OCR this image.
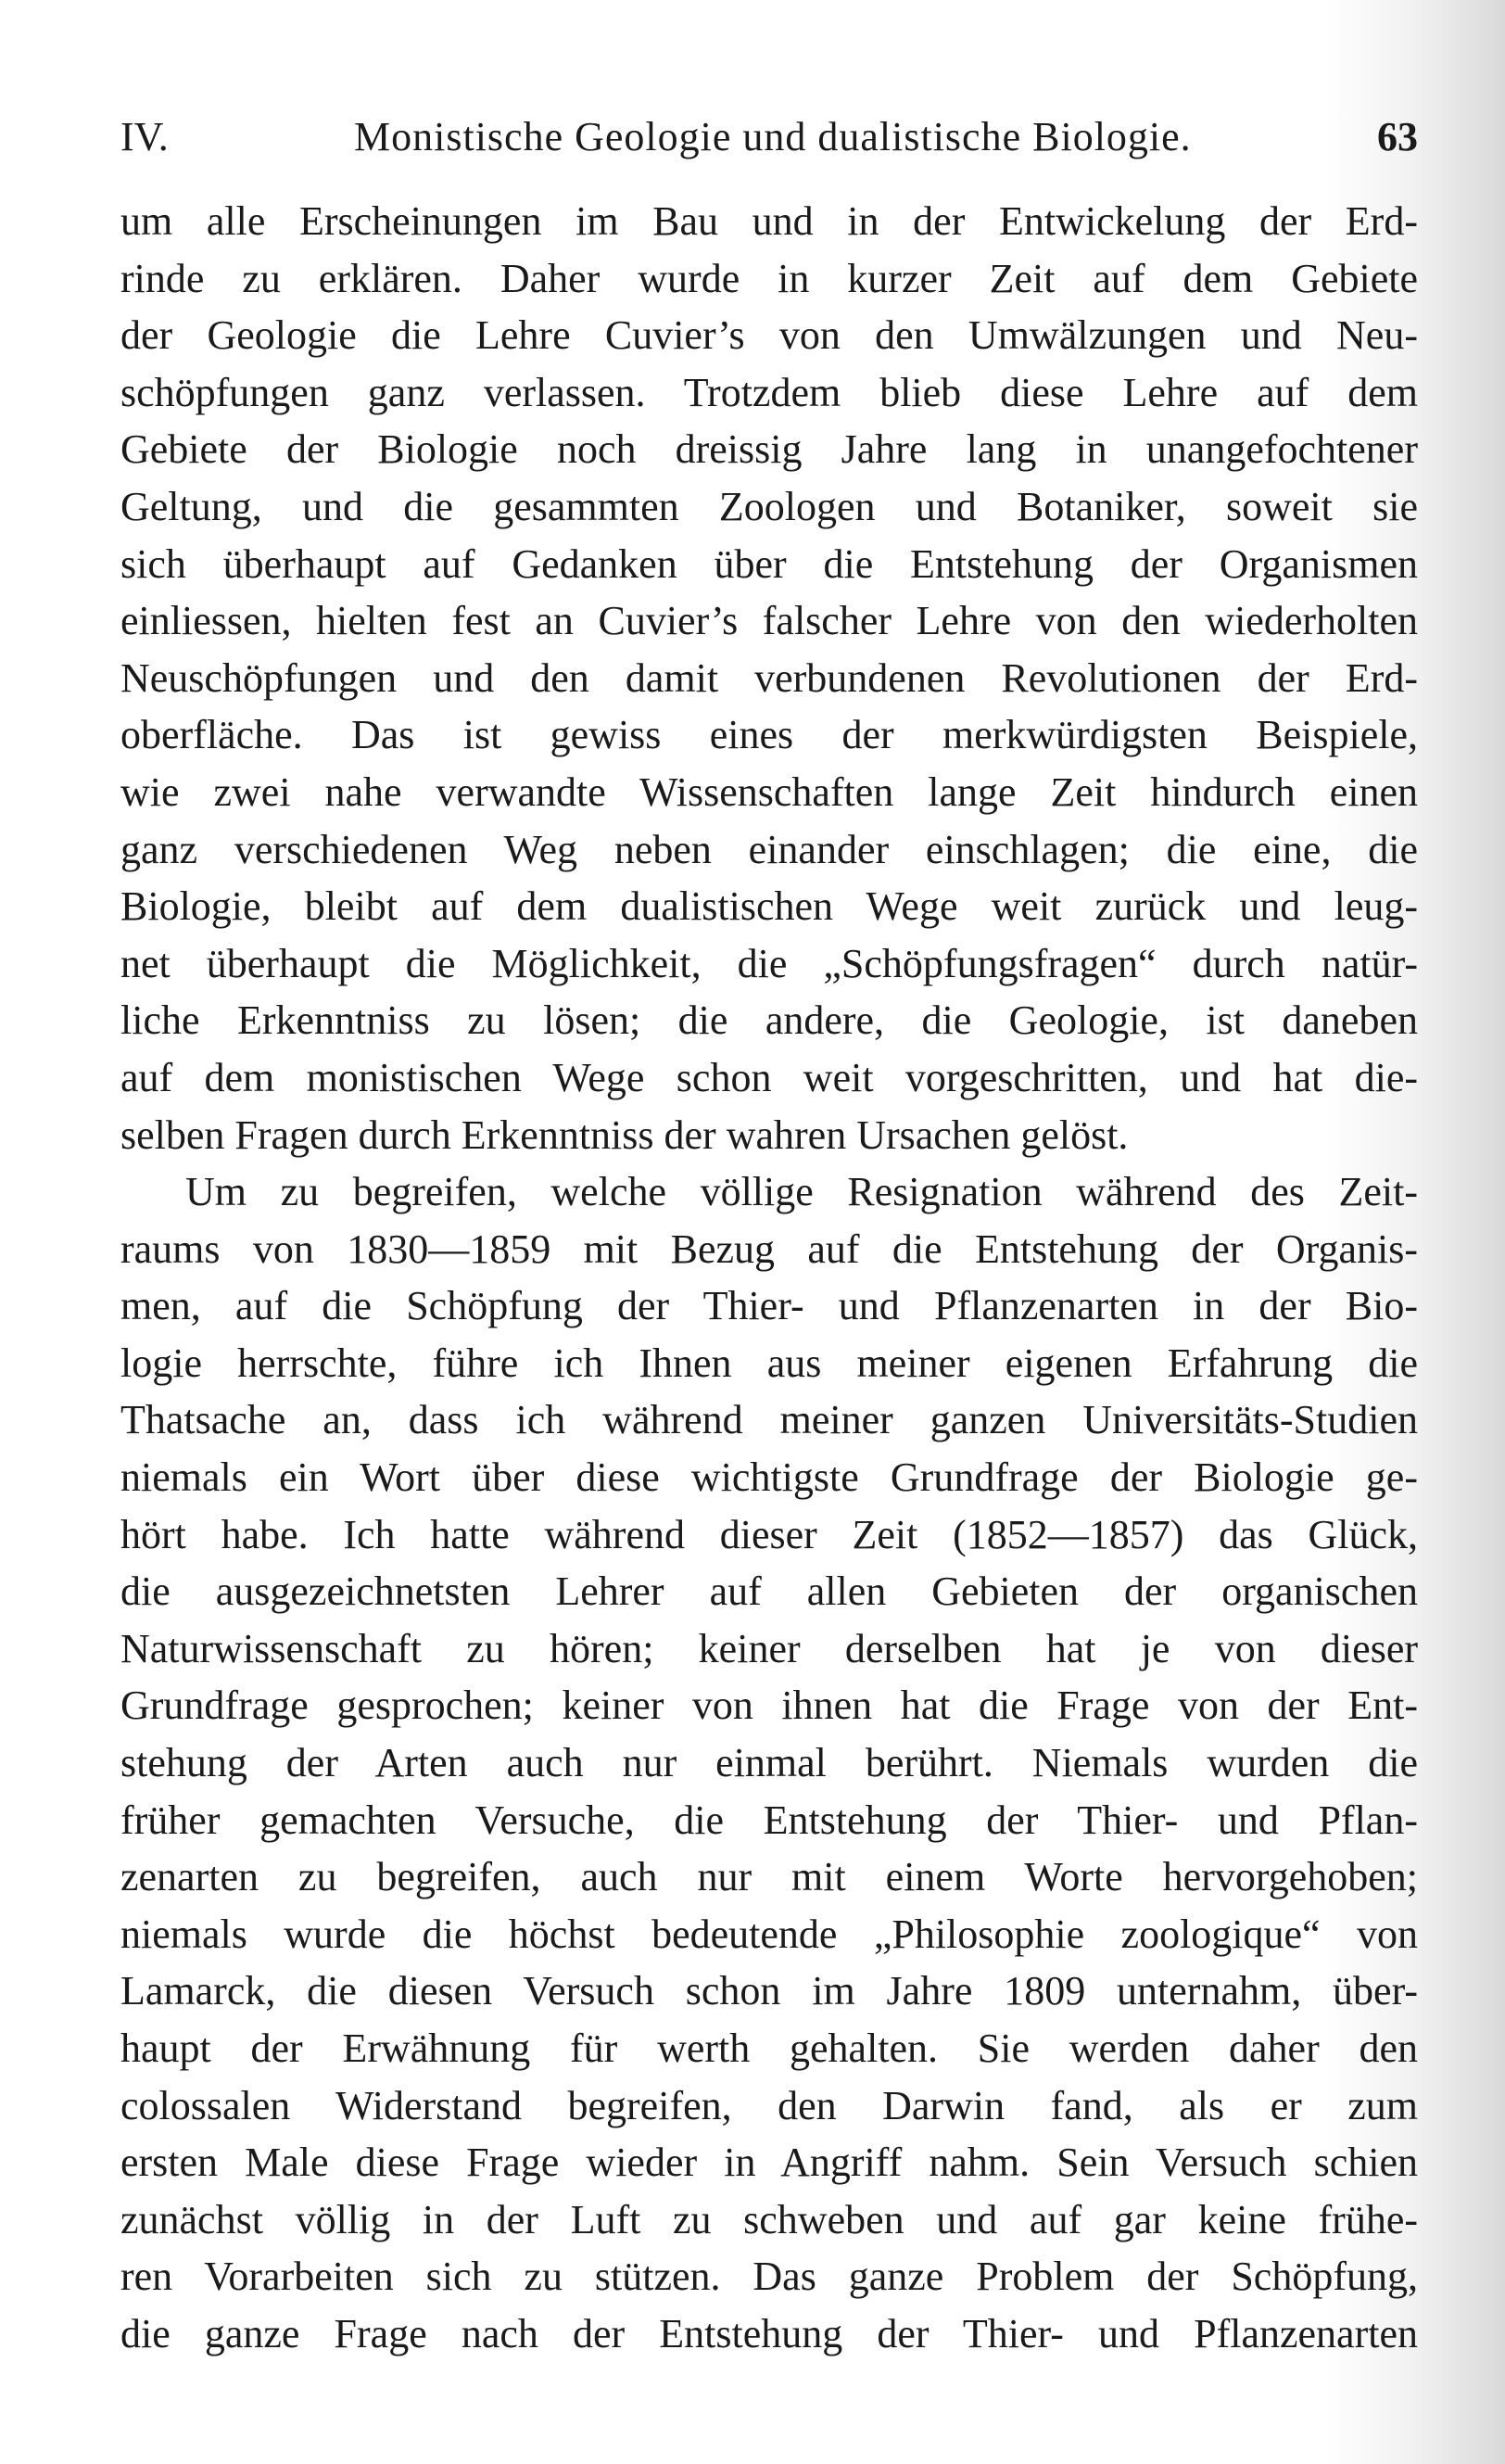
IV.	Monistische Geologie und dualistische Biologie.	63
um alle Erscheinungen im Bau und in der Entwickelung der Erd-
rinde zu erklären. Daher wurde in kurzer Zeit auf dem Gebiete
der Geologie die Lehre Cuvier’s von den Umwälzungen und Neu-
schöpfungen ganz verlassen. Trotzdem blieb diese Lehre auf dem
Gebiete der Biologie noch dreissig Jahre lang in unangefochtener
Geltung, und die gesammten Zoologen und Botaniker, soweit sie
sich überhaupt auf Gedanken über die Entstehung der Organismen
einliessen, hielten fest an Cuvier’s falscher Lehre von den wiederholten
Neuschöpfungen und den damit verbundenen Revolutionen der Erd-
oberfläche. Das ist gewiss eines der merkwürdigsten Beispiele,
wie zwei nahe verwandte Wissenschaften lange Zeit hindurch einen
ganz verschiedenen Weg neben einander einschlagen; die eine, die
Biologie, bleibt auf dem dualistischen Wege weit zurück und leug-
net überhaupt die Möglichkeit, die „Schöpfungsfragen“ durch natür-
liche Erkenntniss zu lösen; die andere, die Geologie, ist daneben
auf dem monistischen Wege schon weit vorgeschritten, und hat die-
selben Fragen durch Erkenntniss der wahren Ursachen gelöst.
Um zu begreifen, welche völlige Resignation während des Zeit-
raums von 1830—1859 mit Bezug auf die Entstehung der Organis-
men, auf die Schöpfung der Thier- und Pflanzenarten in der Bio-
logie herrschte, führe ich Ihnen aus meiner eigenen Erfahrung die
Thatsache an, dass ich während meiner ganzen Universitäts-Studien
niemals ein Wort über diese wichtigste Grundfrage der Biologie ge-
hört habe. Ich hatte während dieser Zeit (1852—1857) das Glück,
die ausgezeichnetsten Lehrer auf allen Gebieten der organischen
Naturwissenschaft zu hören; keiner derselben hat je von dieser
Grundfrage gesprochen; keiner von ihnen hat die Frage von der Ent-
stehung der Arten auch nur einmal berührt. Niemals wurden die
früher gemachten Versuche, die Entstehung der Thier- und Pflan-
zenarten zu begreifen, auch nur mit einem Worte hervorgehoben;
niemals wurde die höchst bedeutende „Philosophie zoologique“ von
Lamarck, die diesen Versuch schon im Jahre 1809 unternahm, über-
haupt der Erwähnung für werth gehalten. Sie werden daher den
colossalen Widerstand begreifen, den Darwin fand, als er zum
ersten Male diese Frage wieder in Angriff nahm. Sein Versuch schien
zunächst völlig in der Luft zu schweben und auf gar keine frühe-
ren Vorarbeiten sich zu stützen. Das ganze Problem der Schöpfung,
die ganze Frage nach der Entstehung der Thier- und Pflanzenarten
